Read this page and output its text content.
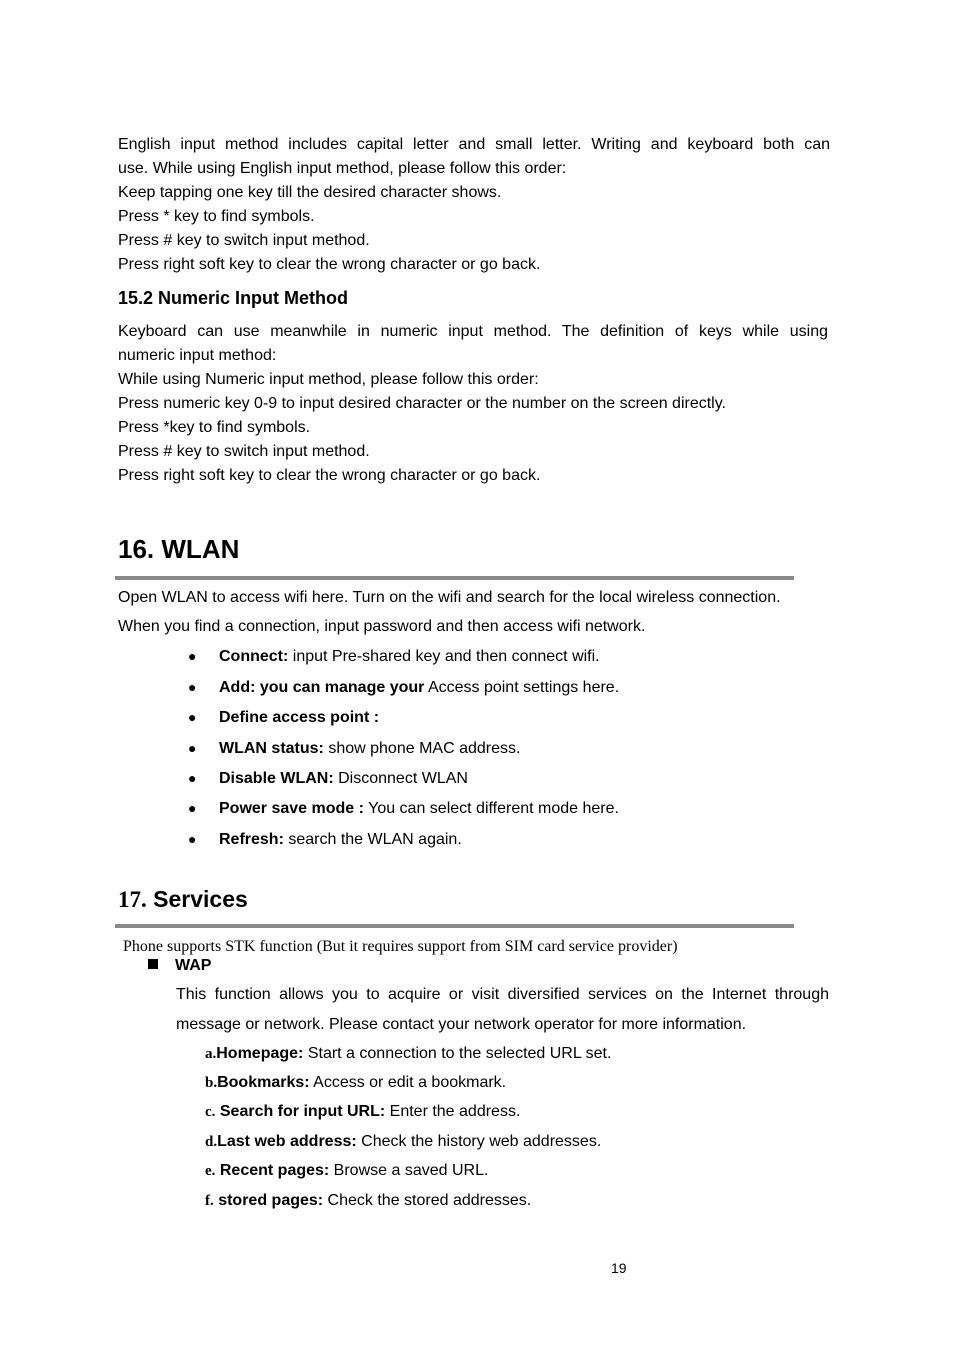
English input method includes capital letter and small letter. Writing and keyboard both can
use. While using English input method, please follow this order:
Keep tapping one key till the desired character shows.
Press * key to find symbols.
Press # key to switch input method.
Press right soft key to clear the wrong character or go back.
15.2 Numeric Input Method
Keyboard can use meanwhile in numeric input method. The definition of keys while using
numeric input method:
While using Numeric input method, please follow this order:
Press numeric key 0-9 to input desired character or the number on the screen directly.
Press *key to find symbols.
Press # key to switch input method.
Press right soft key to clear the wrong character or go back.
16. WLAN
Open WLAN to access wifi here. Turn on the wifi and search for the local wireless connection.
When you find a connection, input password and then access wifi network.
● Connect: input Pre-shared key and then connect wifi.
● Add: you can manage your Access point settings here.
● Define access point :
● WLAN status: show phone MAC address.
● Disable WLAN: Disconnect WLAN
● Power save mode : You can select different mode here.
● Refresh: search the WLAN again.
17. Services
Phone supports STK function (But it requires support from SIM card service provider)
WAP
This function allows you to acquire or visit diversified services on the Internet through
message or network. Please contact your network operator for more information.
a.Homepage: Start a connection to the selected URL set.
b.Bookmarks: Access or edit a bookmark.
c. Search for input URL: Enter the address.
d.Last web address: Check the history web addresses.
e. Recent pages: Browse a saved URL.
f. stored pages: Check the stored addresses.
19
